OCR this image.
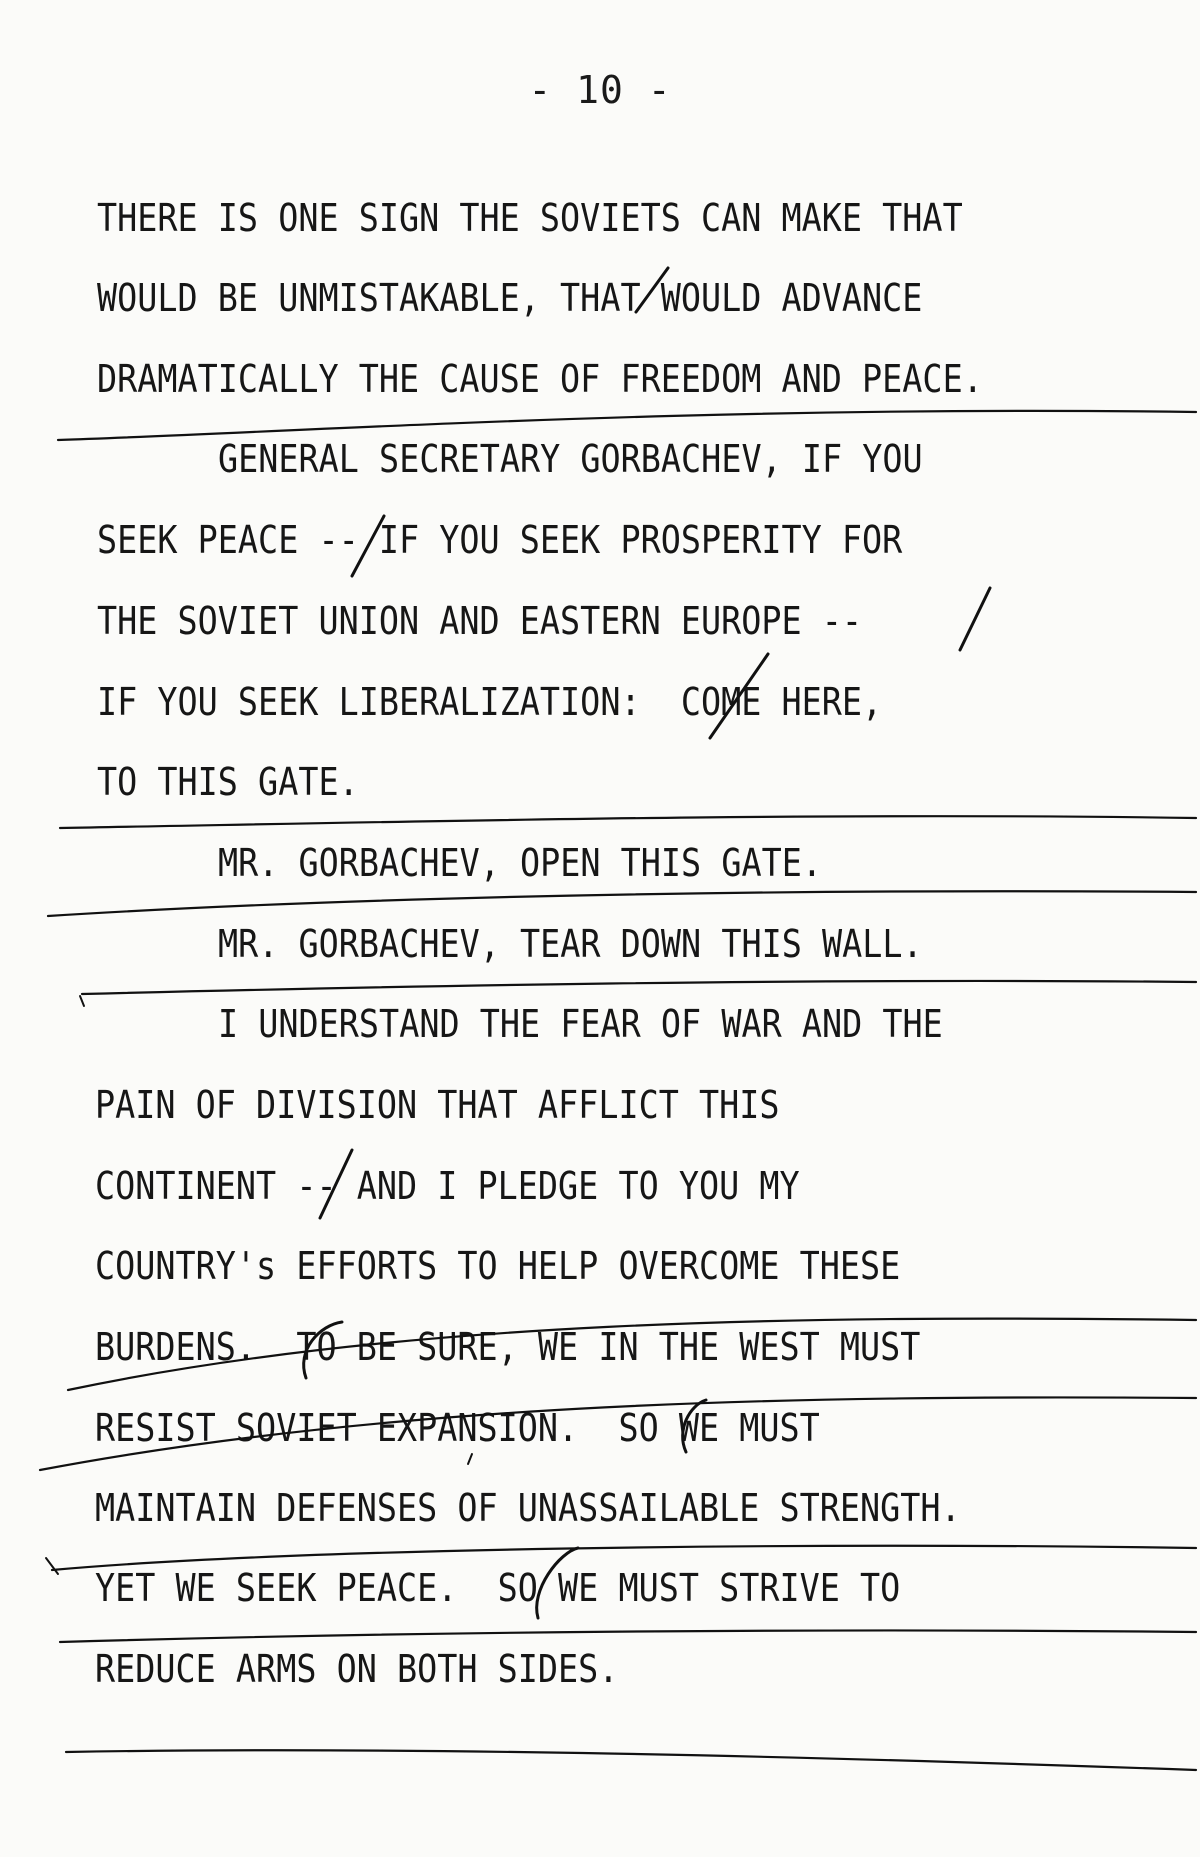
- 10 -
THERE IS ONE SIGN THE SOVIETS CAN MAKE THAT
WOULD BE UNMISTAKABLE, THAT WOULD ADVANCE
DRAMATICALLY THE CAUSE OF FREEDOM AND PEACE.
GENERAL SECRETARY GORBACHEV, IF YOU
SEEK PEACE -- IF YOU SEEK PROSPERITY FOR
THE SOVIET UNION AND EASTERN EUROPE --
IF YOU SEEK LIBERALIZATION:  COME HERE,
TO THIS GATE.
MR. GORBACHEV, OPEN THIS GATE.
MR. GORBACHEV, TEAR DOWN THIS WALL.
I UNDERSTAND THE FEAR OF WAR AND THE
PAIN OF DIVISION THAT AFFLICT THIS
CONTINENT -- AND I PLEDGE TO YOU MY
COUNTRY's EFFORTS TO HELP OVERCOME THESE
BURDENS.  TO BE SURE, WE IN THE WEST MUST
RESIST SOVIET EXPANSION.  SO WE MUST
MAINTAIN DEFENSES OF UNASSAILABLE STRENGTH.
YET WE SEEK PEACE.  SO WE MUST STRIVE TO
REDUCE ARMS ON BOTH SIDES.
